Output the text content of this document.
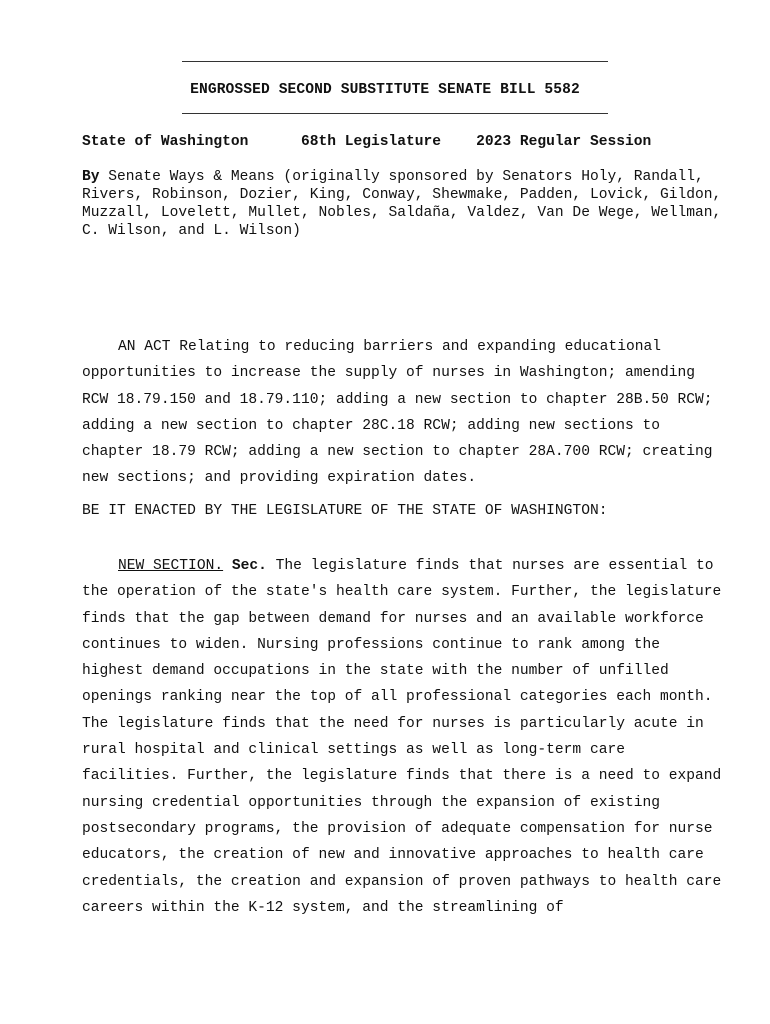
ENGROSSED SECOND SUBSTITUTE SENATE BILL 5582
State of Washington      68th Legislature    2023 Regular Session
By Senate Ways & Means (originally sponsored by Senators Holy, Randall, Rivers, Robinson, Dozier, King, Conway, Shewmake, Padden, Lovick, Gildon, Muzzall, Lovelett, Mullet, Nobles, Saldaña, Valdez, Van De Wege, Wellman, C. Wilson, and L. Wilson)
AN ACT Relating to reducing barriers and expanding educational opportunities to increase the supply of nurses in Washington; amending RCW 18.79.150 and 18.79.110; adding a new section to chapter 28B.50 RCW; adding a new section to chapter 28C.18 RCW; adding new sections to chapter 18.79 RCW; adding a new section to chapter 28A.700 RCW; creating new sections; and providing expiration dates.
BE IT ENACTED BY THE LEGISLATURE OF THE STATE OF WASHINGTON:
NEW SECTION. Sec. The legislature finds that nurses are essential to the operation of the state's health care system. Further, the legislature finds that the gap between demand for nurses and an available workforce continues to widen. Nursing professions continue to rank among the highest demand occupations in the state with the number of unfilled openings ranking near the top of all professional categories each month. The legislature finds that the need for nurses is particularly acute in rural hospital and clinical settings as well as long-term care facilities. Further, the legislature finds that there is a need to expand nursing credential opportunities through the expansion of existing postsecondary programs, the provision of adequate compensation for nurse educators, the creation of new and innovative approaches to health care credentials, the creation and expansion of proven pathways to health care careers within the K-12 system, and the streamlining of
